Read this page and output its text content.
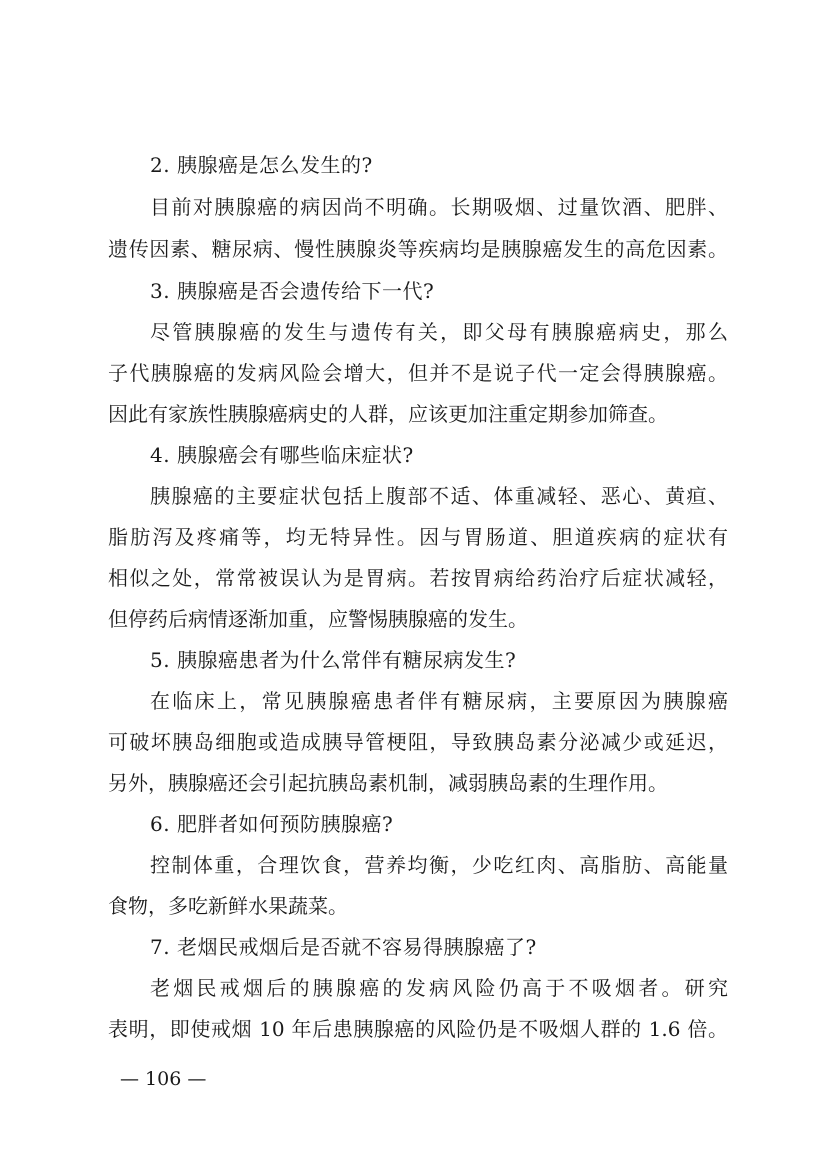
2. 胰腺癌是怎么发生的?
目前对胰腺癌的病因尚不明确。长期吸烟、过量饮酒、肥胖、
遗传因素、糖尿病、慢性胰腺炎等疾病均是胰腺癌发生的高危因素。
3. 胰腺癌是否会遗传给下一代?
尽管胰腺癌的发生与遗传有关，即父母有胰腺癌病史，那么
子代胰腺癌的发病风险会增大，但并不是说子代一定会得胰腺癌。
因此有家族性胰腺癌病史的人群，应该更加注重定期参加筛查。
4. 胰腺癌会有哪些临床症状?
胰腺癌的主要症状包括上腹部不适、体重减轻、恶心、黄疸、
脂肪泻及疼痛等，均无特异性。因与胃肠道、胆道疾病的症状有
相似之处，常常被误认为是胃病。若按胃病给药治疗后症状减轻，
但停药后病情逐渐加重，应警惕胰腺癌的发生。
5. 胰腺癌患者为什么常伴有糖尿病发生?
在临床上，常见胰腺癌患者伴有糖尿病，主要原因为胰腺癌
可破坏胰岛细胞或造成胰导管梗阻，导致胰岛素分泌减少或延迟，
另外，胰腺癌还会引起抗胰岛素机制，减弱胰岛素的生理作用。
6. 肥胖者如何预防胰腺癌?
控制体重，合理饮食，营养均衡，少吃红肉、高脂肪、高能量
食物，多吃新鲜水果蔬菜。
7. 老烟民戒烟后是否就不容易得胰腺癌了?
老烟民戒烟后的胰腺癌的发病风险仍高于不吸烟者。研究
表明，即使戒烟 10 年后患胰腺癌的风险仍是不吸烟人群的 1.6 倍。
— 106 —
